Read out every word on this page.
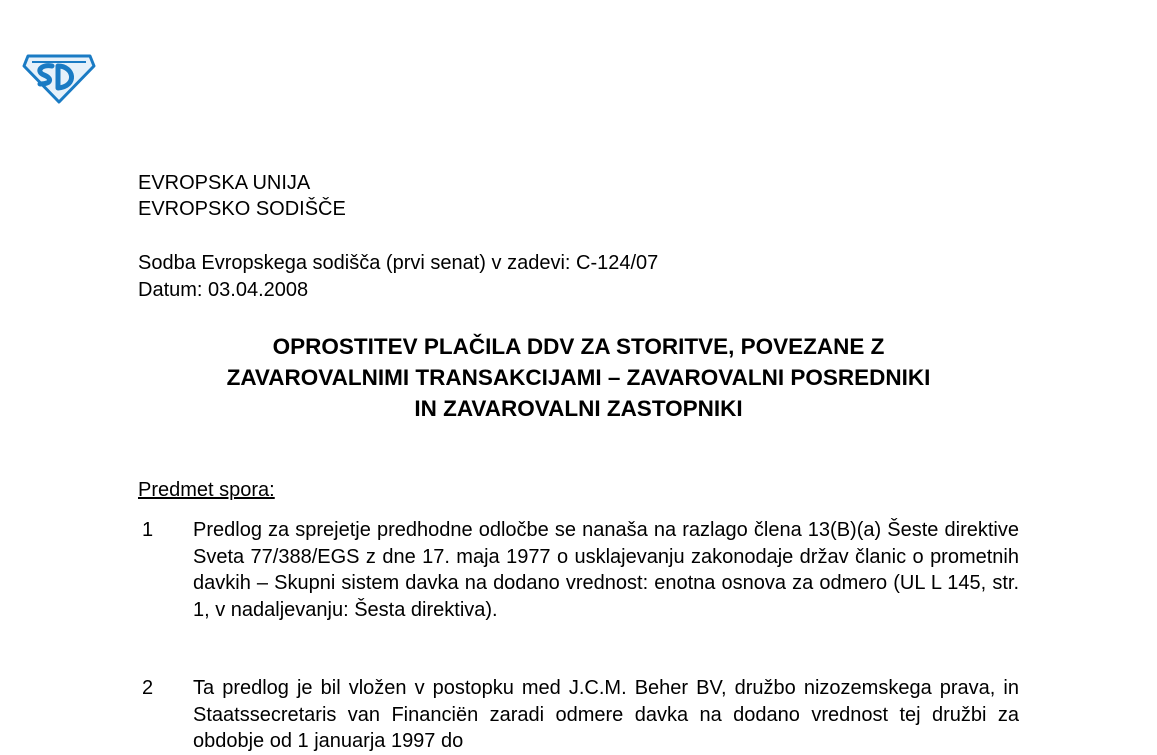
EVROPSKA UNIJA
EVROPSKO SODIŠČE
Sodba Evropskega sodišča (prvi senat) v zadevi: C-124/07
Datum: 03.04.2008
OPROSTITEV PLAČILA DDV ZA STORITVE, POVEZANE Z
ZAVAROVALNIMI TRANSAKCIJAMI – ZAVAROVALNI POSREDNIKI
IN ZAVAROVALNI ZASTOPNIKI
Predmet spora:
1 Predlog za sprejetje predhodne odločbe se nanaša na razlago člena 13(B)(a) Šeste direktive Sveta 77/388/EGS z dne 17. maja 1977 o usklajevanju zakonodaje držav članic o prometnih davkih – Skupni sistem davka na dodano vrednost: enotna osnova za odmero (UL L 145, str. 1, v nadaljevanju: Šesta direktiva).
2 Ta predlog je bil vložen v postopku med J.C.M. Beher BV, družbo nizozemskega prava, in Staatssecretaris van Financiën zaradi odmere davka na dodano vrednost tej družbi za obdobje od 1 januarja 1997 do
